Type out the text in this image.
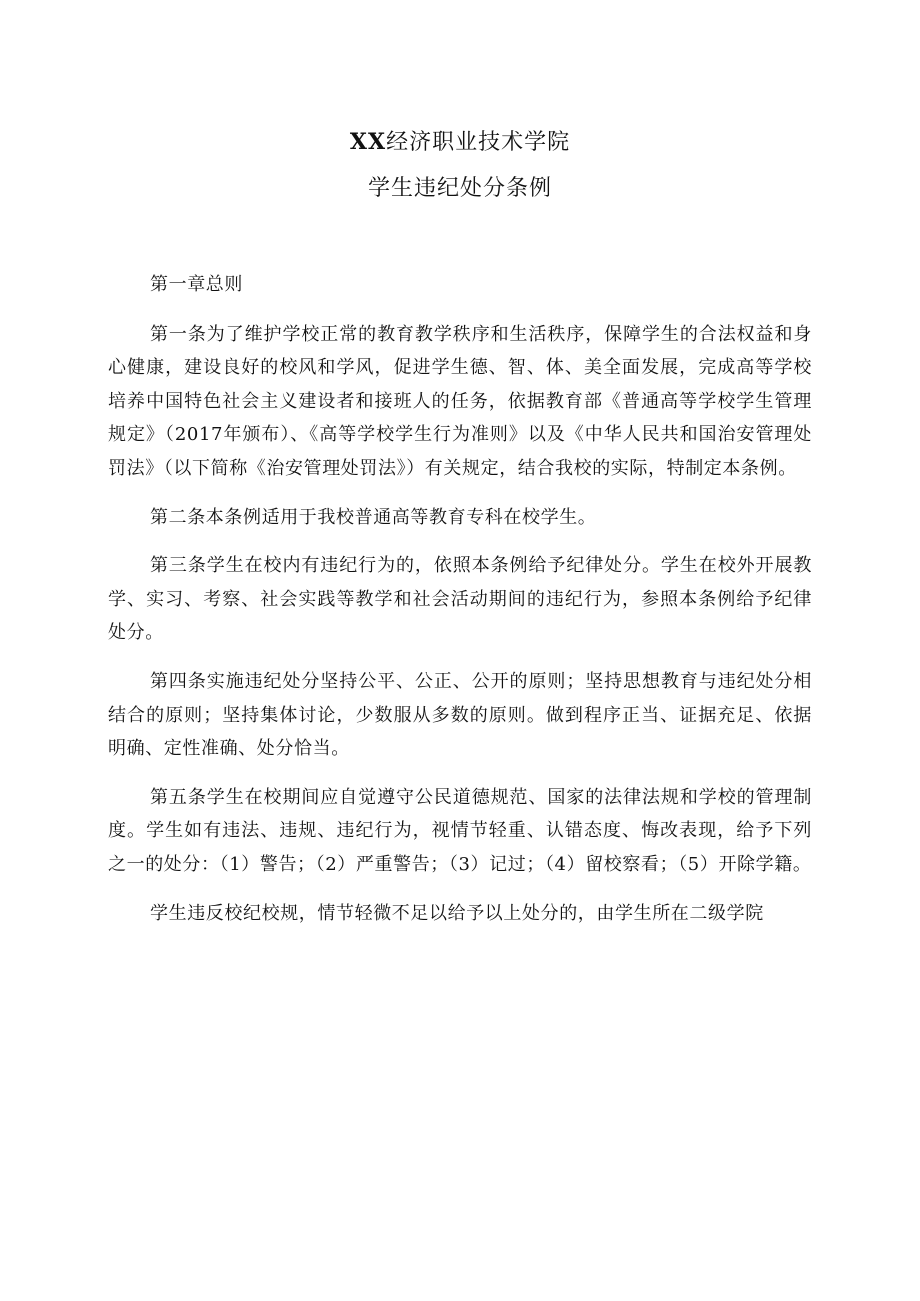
XX经济职业技术学院
学生违纪处分条例

第一章总则

第一条为了维护学校正常的教育教学秩序和生活秩序，保障学生的合法权益和身心健康，建设良好的校风和学风，促进学生德、智、体、美全面发展，完成高等学校培养中国特色社会主义建设者和接班人的任务，依据教育部《普通高等学校学生管理规定》（2017年颁布）、《高等学校学生行为准则》以及《中华人民共和国治安管理处罚法》（以下简称《治安管理处罚法》）有关规定，结合我校的实际，特制定本条例。

第二条本条例适用于我校普通高等教育专科在校学生。

第三条学生在校内有违纪行为的，依照本条例给予纪律处分。学生在校外开展教学、实习、考察、社会实践等教学和社会活动期间的违纪行为，参照本条例给予纪律处分。

第四条实施违纪处分坚持公平、公正、公开的原则；坚持思想教育与违纪处分相结合的原则；坚持集体讨论，少数服从多数的原则。做到程序正当、证据充足、依据明确、定性准确、处分恰当。

第五条学生在校期间应自觉遵守公民道德规范、国家的法律法规和学校的管理制度。学生如有违法、违规、违纪行为，视情节轻重、认错态度、悔改表现，给予下列之一的处分：（1）警告；（2）严重警告；（3）记过；（4）留校察看；（5）开除学籍。

学生违反校纪校规，情节轻微不足以给予以上处分的，由学生所在二级学院
